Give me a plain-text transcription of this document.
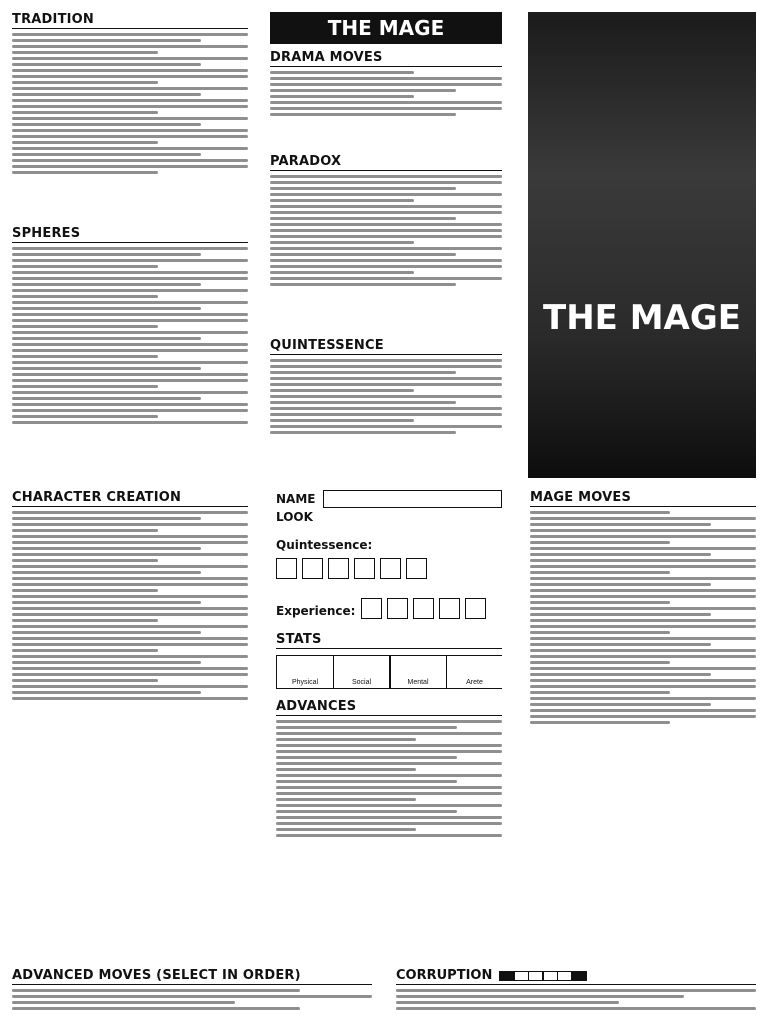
TRADITION
SPHERES
THE MAGE
DRAMA MOVES
PARADOX
QUINTESSENCE
THE MAGE
CHARACTER CREATION	NAME
LOOK
Quintessence:
Experience:
STATS
Physical	Social	Mental	Arete
ADVANCES
MAGE MOVES
ADVANCED MOVES (SELECT IN ORDER)	CORRUPTION
